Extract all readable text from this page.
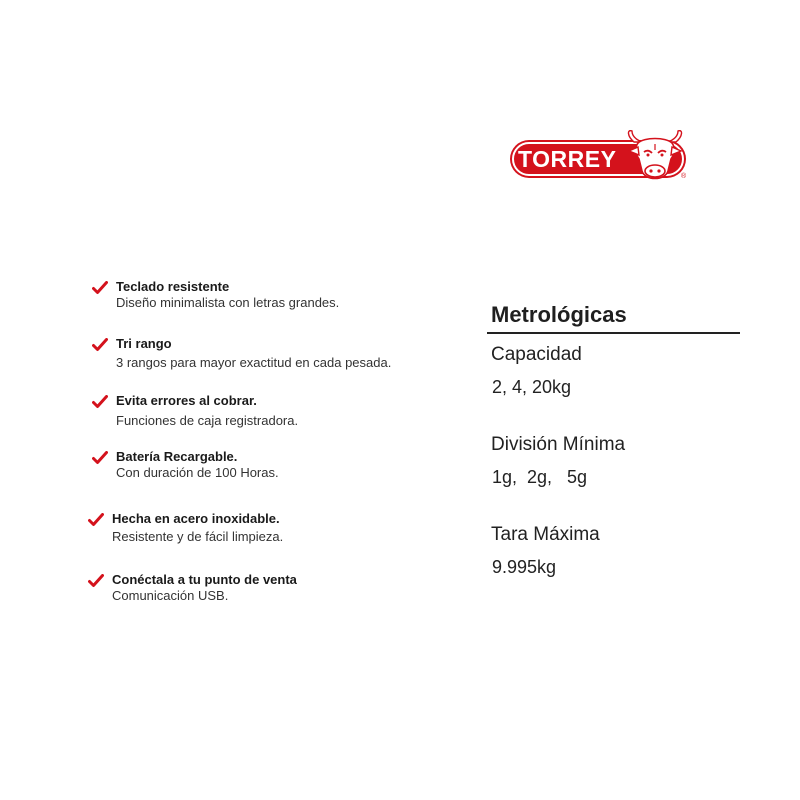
TORREY
®
Teclado resistente
Diseño minimalista con letras grandes.
Tri rango
3 rangos para mayor exactitud en cada pesada.
Evita errores al cobrar.
Funciones de caja registradora.
Batería Recargable.
Con duración de 100 Horas.
Hecha en acero inoxidable.
Resistente y de fácil limpieza.
Conéctala a tu punto de venta
Comunicación USB.
Metrológicas
Capacidad
2, 4, 20kg
División Mínima
1g,  2g,   5g
Tara Máxima
9.995kg
